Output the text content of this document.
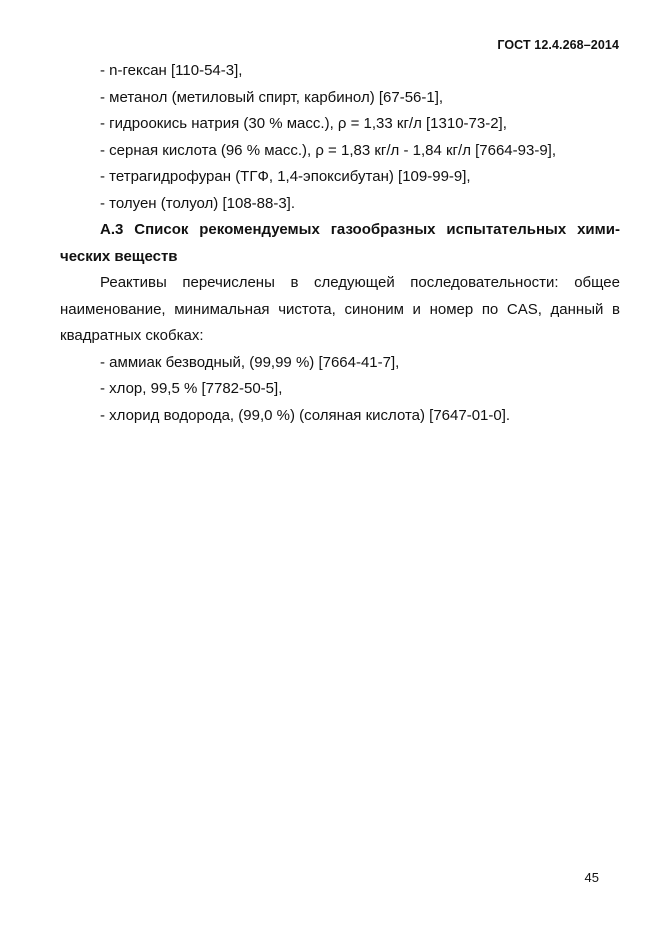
ГОСТ 12.4.268–2014
- n-гексан [110-54-3],
- метанол (метиловый спирт, карбинол) [67-56-1],
- гидроокись натрия (30 % масс.), ρ = 1,33 кг/л [1310-73-2],
- серная кислота (96 % масс.), ρ = 1,83 кг/л - 1,84 кг/л [7664-93-9],
- тетрагидрофуран (ТГФ, 1,4-эпоксибутан) [109-99-9],
- толуен (толуол) [108-88-3].
А.3 Список рекомендуемых газообразных испытательных хими-
ческих веществ
Реактивы перечислены в следующей последовательности: общее
наименование, минимальная чистота, синоним и номер по CAS, данный в
квадратных скобках:
- аммиак безводный, (99,99 %) [7664-41-7],
- хлор, 99,5 % [7782-50-5],
- хлорид водорода, (99,0 %) (соляная кислота) [7647-01-0].
45
